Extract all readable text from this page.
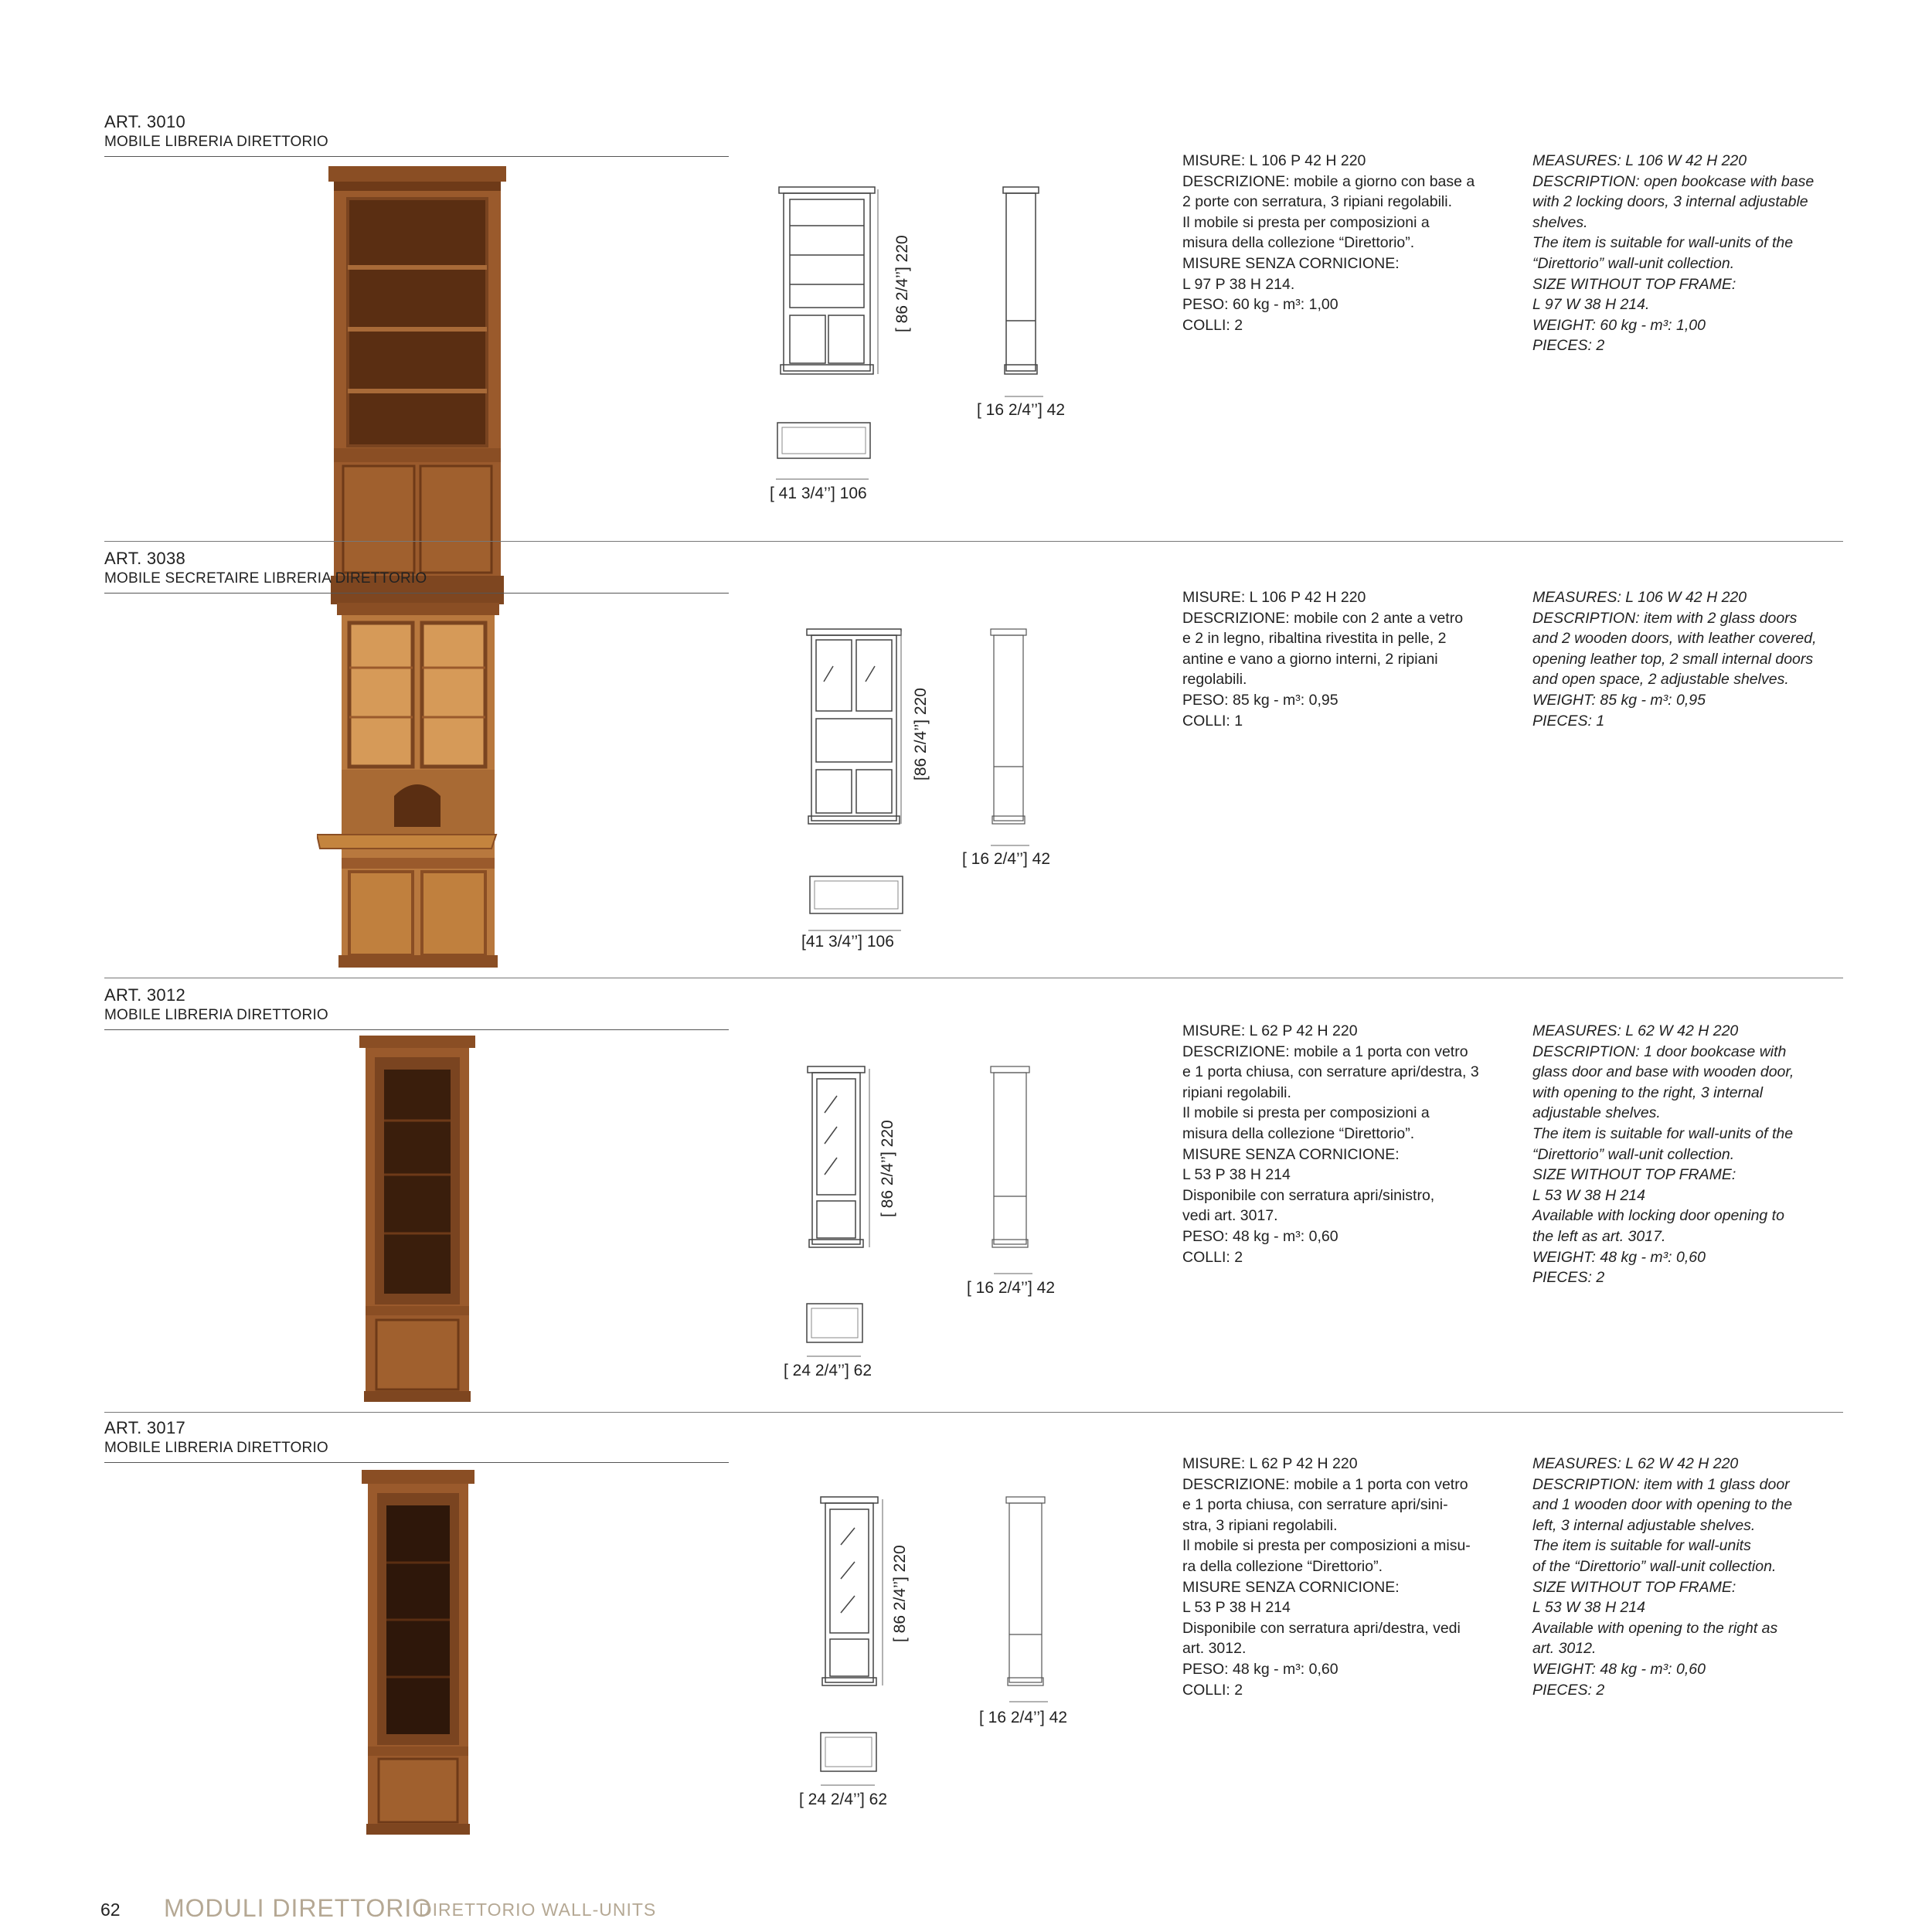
ART. 3010
MOBILE LIBRERIA DIRETTORIO
[ 86 2/4’’] 220
[ 16 2/4’’] 42
[ 41 3/4’’] 106
MISURE: L 106 P 42 H 220
DESCRIZIONE: mobile a giorno con base a
2 porte con serratura, 3 ripiani regolabili.
Il mobile si presta per composizioni a
misura della collezione “Direttorio”.
MISURE SENZA CORNICIONE:
L 97 P 38 H 214.
PESO: 60 kg - m³: 1,00
COLLI: 2
MEASURES: L 106 W 42 H 220
DESCRIPTION: open bookcase with base
with 2 locking doors, 3 internal adjustable
shelves.
The item is suitable for wall-units of the
“Direttorio” wall-unit collection.
SIZE WITHOUT TOP FRAME:
L 97 W 38 H 214.
WEIGHT: 60 kg - m³: 1,00
PIECES: 2
ART. 3038
MOBILE SECRETAIRE LIBRERIA DIRETTORIO
[86 2/4’’] 220
[ 16 2/4’’] 42
[41 3/4’’] 106
MISURE: L 106 P 42 H 220
DESCRIZIONE: mobile con 2 ante a vetro
e 2 in legno, ribaltina rivestita in pelle, 2
antine e vano a giorno interni, 2 ripiani
regolabili.
PESO: 85 kg - m³: 0,95
COLLI: 1
MEASURES: L 106 W 42 H 220
DESCRIPTION: item with 2 glass doors
and 2 wooden doors, with leather covered,
opening leather top, 2 small internal doors
and open space, 2 adjustable shelves.
WEIGHT: 85 kg - m³: 0,95
PIECES: 1
ART. 3012
MOBILE LIBRERIA DIRETTORIO
[ 86 2/4’’] 220
[ 16 2/4’’] 42
[ 24 2/4’’] 62
MISURE: L 62 P 42 H 220
DESCRIZIONE: mobile a 1 porta con vetro
e 1 porta chiusa, con serrature apri/destra, 3
ripiani regolabili.
Il mobile si presta per composizioni a
misura della collezione “Direttorio”.
MISURE SENZA CORNICIONE:
L 53 P 38 H 214
Disponibile con serratura apri/sinistro,
vedi art. 3017.
PESO: 48 kg - m³: 0,60
COLLI: 2
MEASURES: L 62 W 42 H 220
DESCRIPTION: 1 door bookcase with
glass door and base with wooden door,
with opening to the right, 3 internal
adjustable shelves.
The item is suitable for wall-units of the
“Direttorio” wall-unit collection.
SIZE WITHOUT TOP FRAME:
L 53 W 38 H 214
Available with locking door opening to
the left as art. 3017.
WEIGHT: 48 kg - m³: 0,60
PIECES: 2
ART. 3017
MOBILE LIBRERIA DIRETTORIO
[ 86 2/4’’] 220
[ 16 2/4’’] 42
[ 24 2/4’’] 62
MISURE: L 62 P 42 H 220
DESCRIZIONE: mobile a 1 porta con vetro
e 1 porta chiusa, con serrature apri/sini-
stra, 3 ripiani regolabili.
Il mobile si presta per composizioni a misu-
ra della collezione “Direttorio”.
MISURE SENZA CORNICIONE:
L 53 P 38 H 214
Disponibile con serratura apri/destra, vedi
art. 3012.
PESO: 48 kg - m³: 0,60
COLLI: 2
MEASURES: L 62 W 42 H 220
DESCRIPTION: item with 1 glass door
and 1 wooden door with opening to the
left, 3 internal adjustable shelves.
The item is suitable for wall-units
of the “Direttorio” wall-unit collection.
SIZE WITHOUT TOP FRAME:
L 53 W 38 H 214
Available with opening to the right as
art. 3012.
WEIGHT: 48 kg - m³: 0,60
PIECES: 2
62 MODULI DIRETTORIO
DIRETTORIO WALL-UNITS
